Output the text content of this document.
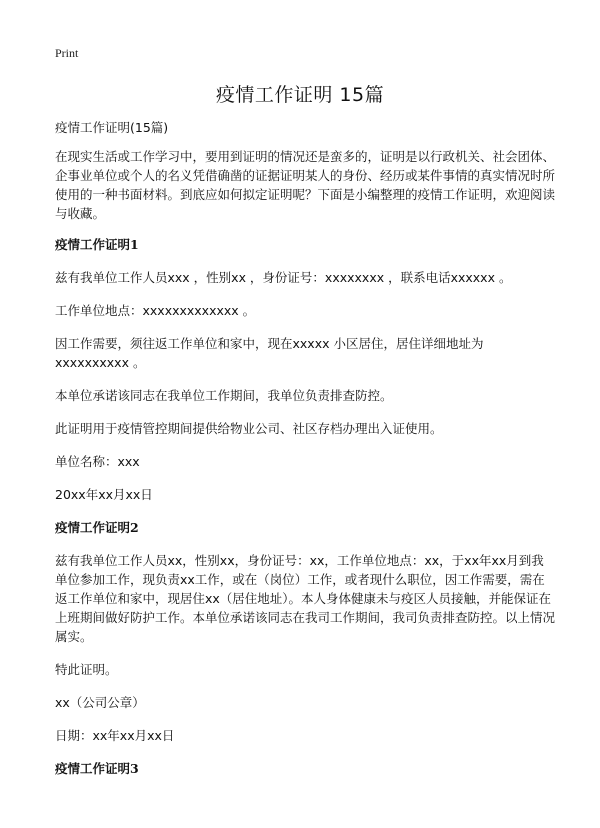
Print
疫情工作证明 15篇

疫情工作证明(15篇)

在现实生活或工作学习中，要用到证明的情况还是蛮多的，证明是以行政机关、社会团体、企事业单位或个人的名义凭借确凿的证据证明某人的身份、经历或某件事情的真实情况时所使用的一种书面材料。到底应如何拟定证明呢？下面是小编整理的疫情工作证明，欢迎阅读与收藏。

疫情工作证明1

兹有我单位工作人员xxx ，性别xx ，身份证号：xxxxxxxx ，联系电话xxxxxx 。

工作单位地点：xxxxxxxxxxxxx 。

因工作需要，须往返工作单位和家中，现在xxxxx 小区居住，居住详细地址为xxxxxxxxxx 。

本单位承诺该同志在我单位工作期间，我单位负责排查防控。

此证明用于疫情管控期间提供给物业公司、社区存档办理出入证使用。

单位名称：xxx

20xx年xx月xx日

疫情工作证明2

兹有我单位工作人员xx，性别xx，身份证号：xx，工作单位地点：xx，于xx年xx月到我单位参加工作，现负责xx工作，或在（岗位）工作，或者现什么职位，因工作需要，需在返工作单位和家中，现居住xx（居住地址）。本人身体健康未与疫区人员接触，并能保证在上班期间做好防护工作。本单位承诺该同志在我司工作期间，我司负责排查防控。以上情况属实。

特此证明。

xx（公司公章）

日期：xx年xx月xx日

疫情工作证明3
